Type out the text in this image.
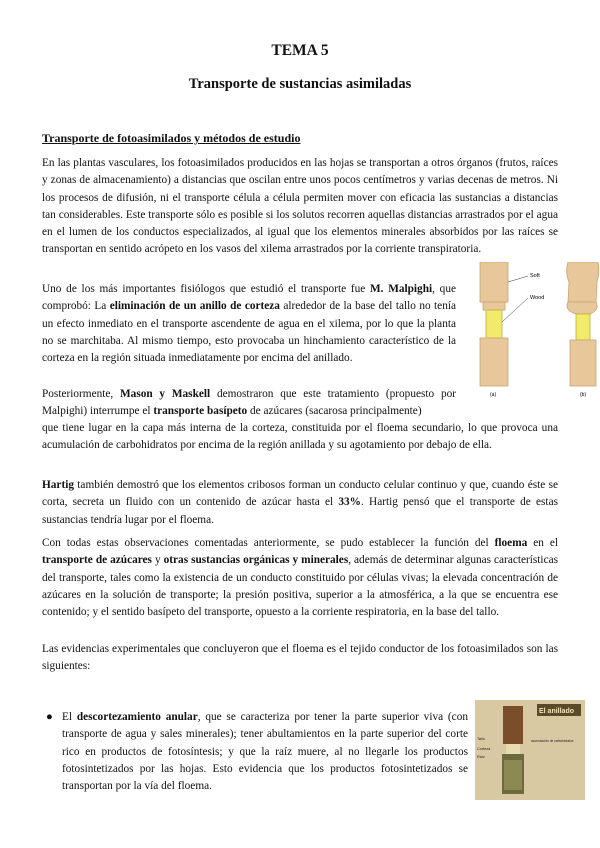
TEMA 5
Transporte de sustancias asimiladas

Transporte de fotoasimilados y métodos de estudio

En las plantas vasculares, los fotoasimilados producidos en las hojas se transportan a otros órganos (frutos, raíces y zonas de almacenamiento) a distancias que oscilan entre unos pocos centímetros y varias decenas de metros. Ni los procesos de difusión, ni el transporte célula a célula permiten mover con eficacia las sustancias a distancias tan considerables. Este transporte sólo es posible si los solutos recorren aquellas distancias arrastrados por el agua en el lumen de los conductos especializados, al igual que los elementos minerales absorbidos por las raíces se transportan en sentido acrópeto en los vasos del xilema arrastrados por la corriente transpiratoria.

Uno de los más importantes fisiólogos que estudió el transporte fue M. Malpighi, que comprobó: La eliminación de un anillo de corteza alrededor de la base del tallo no tenía un efecto inmediato en el transporte ascendente de agua en el xilema, por lo que la planta no se marchitaba. Al mismo tiempo, esto provocaba un hinchamiento característico de la corteza en la región situada inmediatamente por encima del anillado.

Posteriormente, Mason y Maskell demostraron que este tratamiento (propuesto por Malpighi) interrumpe el transporte basípeto de azúcares (sacarosa principalmente)

que tiene lugar en la capa más interna de la corteza, constituida por el floema secundario, lo que provoca una acumulación de carbohidratos por encima de la región anillada y su agotamiento por debajo de ella.

Hartig también demostró que los elementos cribosos forman un conducto celular continuo y que, cuando éste se corta, secreta un fluido con un contenido de azúcar hasta el 33%. Hartig pensó que el transporte de estas sustancias tendría lugar por el floema.

Con todas estas observaciones comentadas anteriormente, se pudo establecer la función del floema en el transporte de azúcares y otras sustancias orgánicas y minerales, además de determinar algunas características del transporte, tales como la existencia de un conducto constituido por células vivas; la elevada concentración de azúcares en la solución de transporte; la presión positiva, superior a la atmosférica, a la que se encuentra ese contenido; y el sentido basípeto del transporte, opuesto a la corriente respiratoria, en la base del tallo.

Las evidencias experimentales que concluyeron que el floema es el tejido conductor de los fotoasimilados son las siguientes:

● El descortezamiento anular, que se caracteriza por tener la parte superior viva (con transporte de agua y sales minerales); tener abultamientos en la parte superior del corte rico en productos de fotosíntesis; y que la raíz muere, al no llegarle los productos fotosintetizados por las hojas. Esto evidencia que los productos fotosintetizados se transportan por la vía del floema.

Soft
Wood
(a)	(b)
El anillado
Tallo
Corteza
Raíz
acumulación de carbohidratos
